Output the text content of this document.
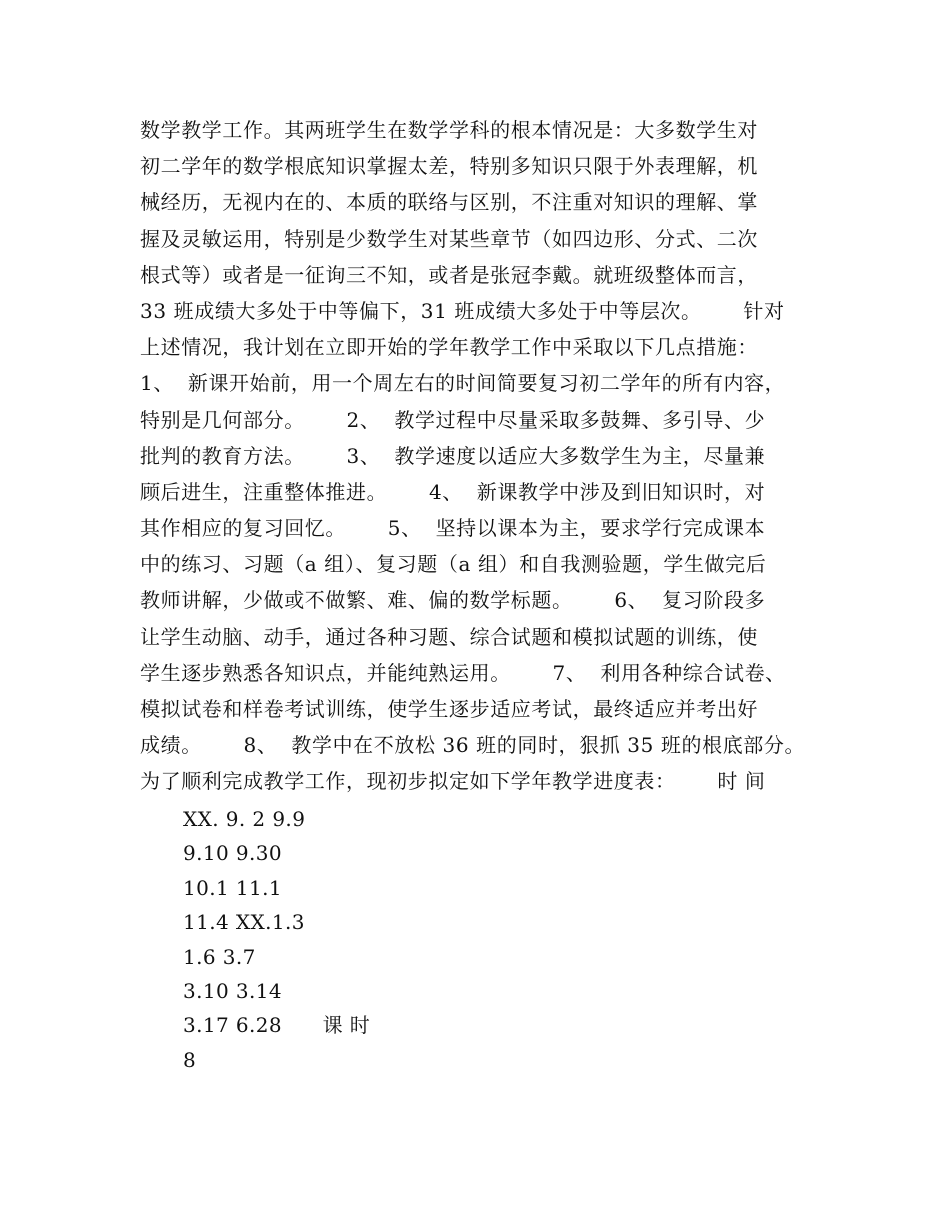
数学教学工作。其两班学生在数学学科的根本情况是：大多数学生对
初二学年的数学根底知识掌握太差，特别多知识只限于外表理解，机
械经历，无视内在的、本质的联络与区别，不注重对知识的理解、掌
握及灵敏运用，特别是少数学生对某些章节（如四边形、分式、二次
根式等）或者是一征询三不知，或者是张冠李戴。就班级整体而言，
33 班成绩大多处于中等偏下，31 班成绩大多处于中等层次。      针对
上述情况，我计划在立即开始的学年教学工作中采取以下几点措施：
1、  新课开始前，用一个周左右的时间简要复习初二学年的所有内容，
特别是几何部分。      2、  教学过程中尽量采取多鼓舞、多引导、少
批判的教育方法。      3、  教学速度以适应大多数学生为主，尽量兼
顾后进生，注重整体推进。      4、  新课教学中涉及到旧知识时，对
其作相应的复习回忆。      5、  坚持以课本为主，要求学行完成课本
中的练习、习题（a 组）、复习题（a 组）和自我测验题，学生做完后
教师讲解，少做或不做繁、难、偏的数学标题。      6、  复习阶段多
让学生动脑、动手，通过各种习题、综合试题和模拟试题的训练，使
学生逐步熟悉各知识点，并能纯熟运用。      7、  利用各种综合试卷、
模拟试卷和样卷考试训练，使学生逐步适应考试，最终适应并考出好
成绩。      8、  教学中在不放松 36 班的同时，狠抓 35 班的根底部分。
为了顺利完成教学工作，现初步拟定如下学年教学进度表：      时 间
XX. 9. 2 9.9
9.10 9.30
10.1 11.1
11.4 XX.1.3
1.6 3.7
3.10 3.14
3.17 6.28      课 时
8
